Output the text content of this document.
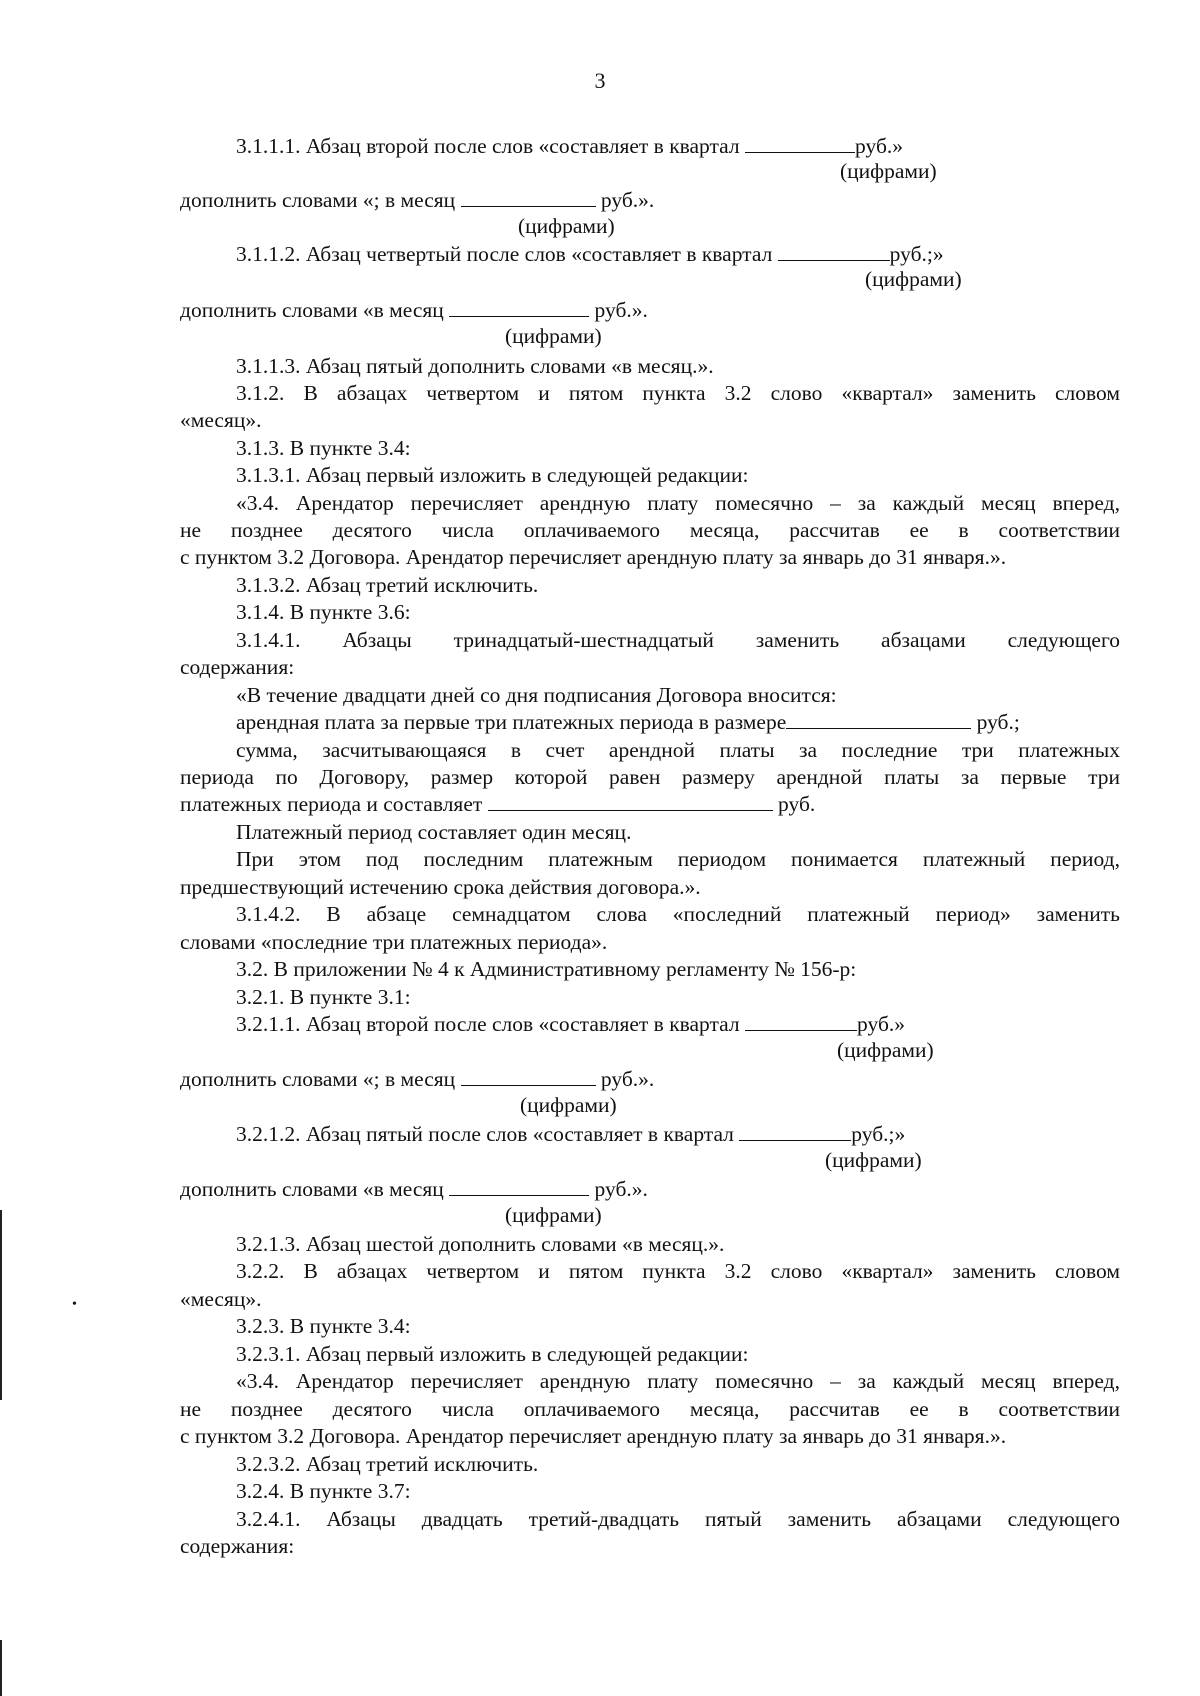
3
3.1.1.1. Абзац второй после слов «составляет в квартал	руб.»
(цифрами)
дополнить словами «; в месяц	руб.».
(цифрами)
3.1.1.2. Абзац четвертый после слов «составляет в квартал	руб.;»
(цифрами)
дополнить словами «в месяц	руб.».
(цифрами)
3.1.1.3. Абзац пятый дополнить словами «в месяц.».
3.1.2. В абзацах четвертом и пятом пункта 3.2 слово «квартал» заменить словом
«месяц».
3.1.3. В пункте 3.4:
3.1.3.1. Абзац первый изложить в следующей редакции:
«3.4. Арендатор перечисляет арендную плату помесячно – за каждый месяц вперед,
не позднее десятого числа оплачиваемого месяца, рассчитав ее в соответствии
с пунктом 3.2 Договора. Арендатор перечисляет арендную плату за январь до 31 января.».
3.1.3.2. Абзац третий исключить.
3.1.4. В пункте 3.6:
3.1.4.1. Абзацы тринадцатый-шестнадцатый заменить абзацами следующего
содержания:
«В течение двадцати дней со дня подписания Договора вносится:
арендная плата за первые три платежных периода в размере	руб.;
сумма, засчитывающаяся в счет арендной платы за последние три платежных
периода по Договору, размер которой равен размеру арендной платы за первые три
платежных периода и составляет	руб.
Платежный период составляет один месяц.
При этом под последним платежным периодом понимается платежный период,
предшествующий истечению срока действия договора.».
3.1.4.2. В абзаце семнадцатом слова «последний платежный период» заменить
словами «последние три платежных периода».
3.2. В приложении № 4 к Административному регламенту № 156-р:
3.2.1. В пункте 3.1:
3.2.1.1. Абзац второй после слов «составляет в квартал	руб.»
(цифрами)
дополнить словами «; в месяц	руб.».
(цифрами)
3.2.1.2. Абзац пятый после слов «составляет в квартал	руб.;»
(цифрами)
дополнить словами «в месяц	руб.».
(цифрами)
3.2.1.3. Абзац шестой дополнить словами «в месяц.».
3.2.2. В абзацах четвертом и пятом пункта 3.2 слово «квартал» заменить словом
«месяц».
3.2.3. В пункте 3.4:
3.2.3.1. Абзац первый изложить в следующей редакции:
«3.4. Арендатор перечисляет арендную плату помесячно – за каждый месяц вперед,
не позднее десятого числа оплачиваемого месяца, рассчитав ее в соответствии
с пунктом 3.2 Договора. Арендатор перечисляет арендную плату за январь до 31 января.».
3.2.3.2. Абзац третий исключить.
3.2.4. В пункте 3.7:
3.2.4.1. Абзацы двадцать третий-двадцать пятый заменить абзацами следующего
содержания:
•
